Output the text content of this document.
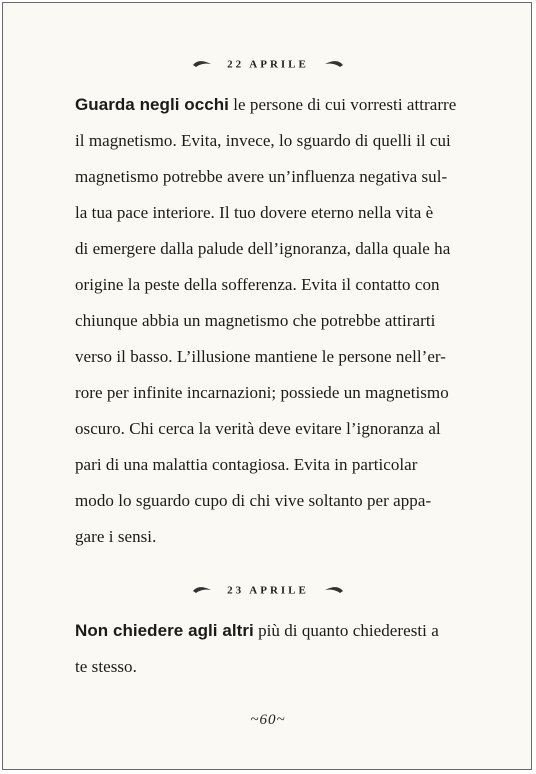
22 APRILE
Guarda negli occhi le persone di cui vorresti attrarre
il magnetismo. Evita, invece, lo sguardo di quelli il cui
magnetismo potrebbe avere un’influenza negativa sul-
la tua pace interiore. Il tuo dovere eterno nella vita è
di emergere dalla palude dell’ignoranza, dalla quale ha
origine la peste della sofferenza. Evita il contatto con
chiunque abbia un magnetismo che potrebbe attirarti
verso il basso. L’illusione mantiene le persone nell’er-
rore per infinite incarnazioni; possiede un magnetismo
oscuro. Chi cerca la verità deve evitare l’ignoranza al
pari di una malattia contagiosa. Evita in particolar
modo lo sguardo cupo di chi vive soltanto per appa-
gare i sensi.
23 APRILE
Non chiedere agli altri più di quanto chiederesti a
te stesso.
~60~
